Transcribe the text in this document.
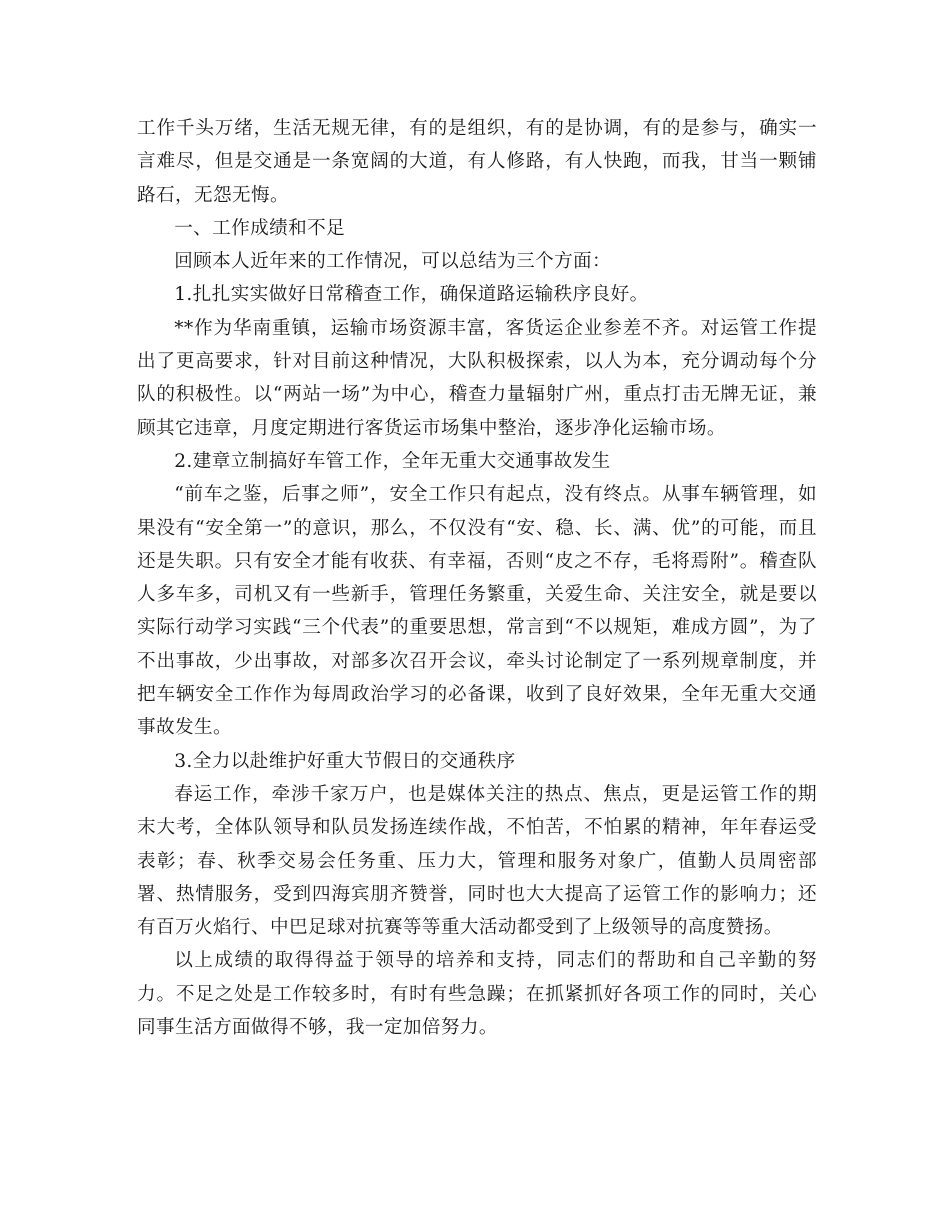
工作千头万绪，生活无规无律，有的是组织，有的是协调，有的是参与，确实一言难尽，但是交通是一条宽阔的大道，有人修路，有人快跑，而我，甘当一颗铺路石，无怨无悔。

一、工作成绩和不足

回顾本人近年来的工作情况，可以总结为三个方面：

1.扎扎实实做好日常稽查工作，确保道路运输秩序良好。

**作为华南重镇，运输市场资源丰富，客货运企业参差不齐。对运管工作提出了更高要求，针对目前这种情况，大队积极探索，以人为本，充分调动每个分队的积极性。以“两站一场”为中心，稽查力量辐射广州，重点打击无牌无证，兼顾其它违章，月度定期进行客货运市场集中整治，逐步净化运输市场。

2.建章立制搞好车管工作，全年无重大交通事故发生

“前车之鉴，后事之师”，安全工作只有起点，没有终点。从事车辆管理，如果没有“安全第一”的意识，那么，不仅没有“安、稳、长、满、优”的可能，而且还是失职。只有安全才能有收获、有幸福，否则“皮之不存，毛将焉附”。稽查队人多车多，司机又有一些新手，管理任务繁重，关爱生命、关注安全，就是要以实际行动学习实践“三个代表”的重要思想，常言到“不以规矩，难成方圆”，为了不出事故，少出事故，对部多次召开会议，牵头讨论制定了一系列规章制度，并把车辆安全工作作为每周政治学习的必备课，收到了良好效果，全年无重大交通事故发生。

3.全力以赴维护好重大节假日的交通秩序

春运工作，牵涉千家万户，也是媒体关注的热点、焦点，更是运管工作的期末大考，全体队领导和队员发扬连续作战，不怕苦，不怕累的精神，年年春运受表彰；春、秋季交易会任务重、压力大，管理和服务对象广，值勤人员周密部署、热情服务，受到四海宾朋齐赞誉，同时也大大提高了运管工作的影响力；还有百万火焰行、中巴足球对抗赛等等重大活动都受到了上级领导的高度赞扬。

以上成绩的取得得益于领导的培养和支持，同志们的帮助和自己辛勤的努力。不足之处是工作较多时，有时有些急躁；在抓紧抓好各项工作的同时，关心同事生活方面做得不够，我一定加倍努力。
